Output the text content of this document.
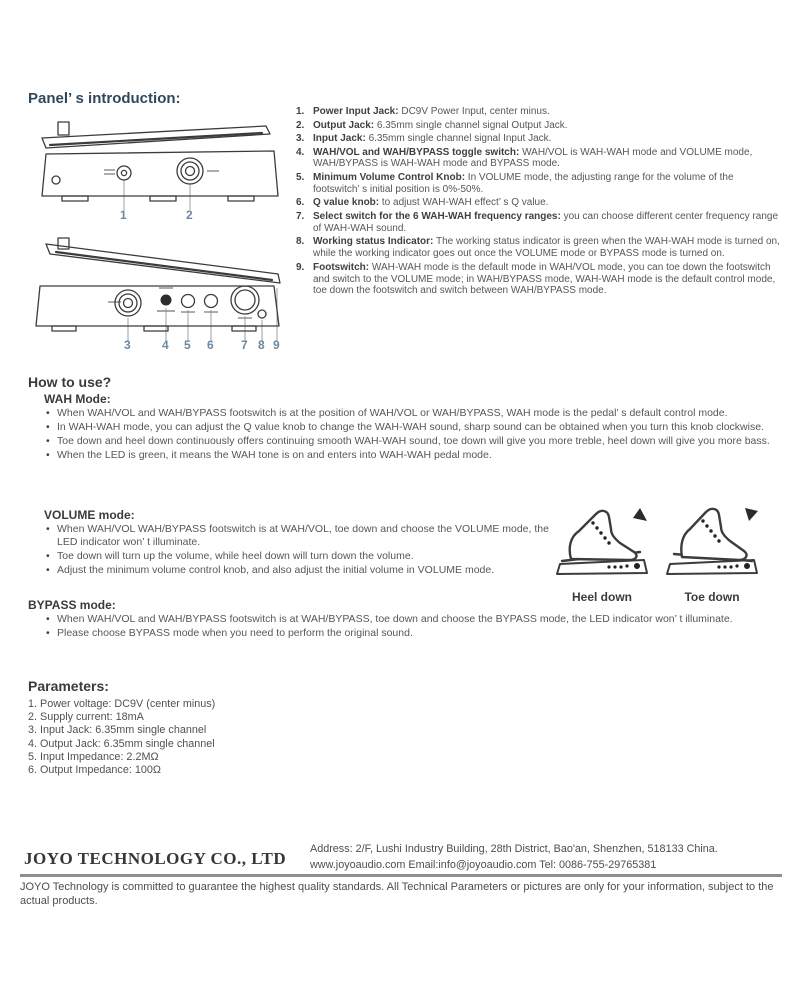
Panel’ s introduction:
1	2
3	4 5 6 7 8 9
1. Power Input Jack: DC9V Power Input, center minus.
2. Output Jack: 6.35mm single channel signal Output Jack.
3. Input Jack: 6.35mm single channel signal Input Jack.
4. WAH/VOL and WAH/BYPASS toggle switch: WAH/VOL is WAH-WAH mode and VOLUME mode, WAH/BYPASS is WAH-WAH mode and BYPASS mode.
5. Minimum Volume Control Knob: In VOLUME mode, the adjusting range for the volume of the footswitch’ s initial position is 0%-50%.
6. Q value knob: to adjust WAH-WAH effect’ s Q value.
7. Select switch for the 6 WAH-WAH frequency ranges: you can choose different center frequency range of WAH-WAH sound.
8. Working status Indicator: The working status indicator is green when the WAH-WAH mode is turned on, while the working indicator goes out once the VOLUME mode or BYPASS mode is turned on.
9. Footswitch: WAH-WAH mode is the default mode in WAH/VOL mode, you can toe down the footswitch and switch to the VOLUME mode; in WAH/BYPASS mode, WAH-WAH mode is the default control mode, toe down the footswitch and switch between WAH/BYPASS mode.
How to use?
WAH Mode:
• When WAH/VOL and WAH/BYPASS footswitch is at the position of WAH/VOL or WAH/BYPASS, WAH mode is the pedal’ s default control mode.
• In WAH-WAH mode, you can adjust the Q value knob to change the WAH-WAH sound, sharp sound can be obtained when you turn this knob clockwise.
• Toe down and heel down continuously offers continuing smooth WAH-WAH sound, toe down will give you more treble, heel down will give you more bass.
• When the LED is green, it means the WAH tone is on and enters into WAH-WAH pedal mode.
VOLUME mode:
• When WAH/VOL WAH/BYPASS footswitch is at WAH/VOL, toe down and choose the VOLUME mode, the LED indicator won’ t illuminate.
• Toe down will turn up the volume, while heel down will turn down the volume.
• Adjust the minimum volume control knob, and also adjust the initial volume in VOLUME mode.
BYPASS mode:
• When WAH/VOL and WAH/BYPASS footswitch is at WAH/BYPASS, toe down and choose the BYPASS mode, the LED indicator won’ t illuminate.
• Please choose BYPASS mode when you need to perform the original sound.
Heel down	Toe down
Parameters:
1. Power voltage: DC9V (center minus)
2. Supply current: 18mA
3. Input Jack: 6.35mm single channel
4. Output Jack: 6.35mm single channel
5. Input Impedance: 2.2MΩ
6. Output Impedance: 100Ω
JOYO TECHNOLOGY CO., LTD Address: 2/F, Lushi Industry Building, 28th District, Bao'an, Shenzhen, 518133 China.
www.joyoaudio.com Email:info@joyoaudio.com Tel: 0086-755-29765381
JOYO Technology is committed to guarantee the highest quality standards. All Technical Parameters or pictures are only for your information, subject to the actual products.
